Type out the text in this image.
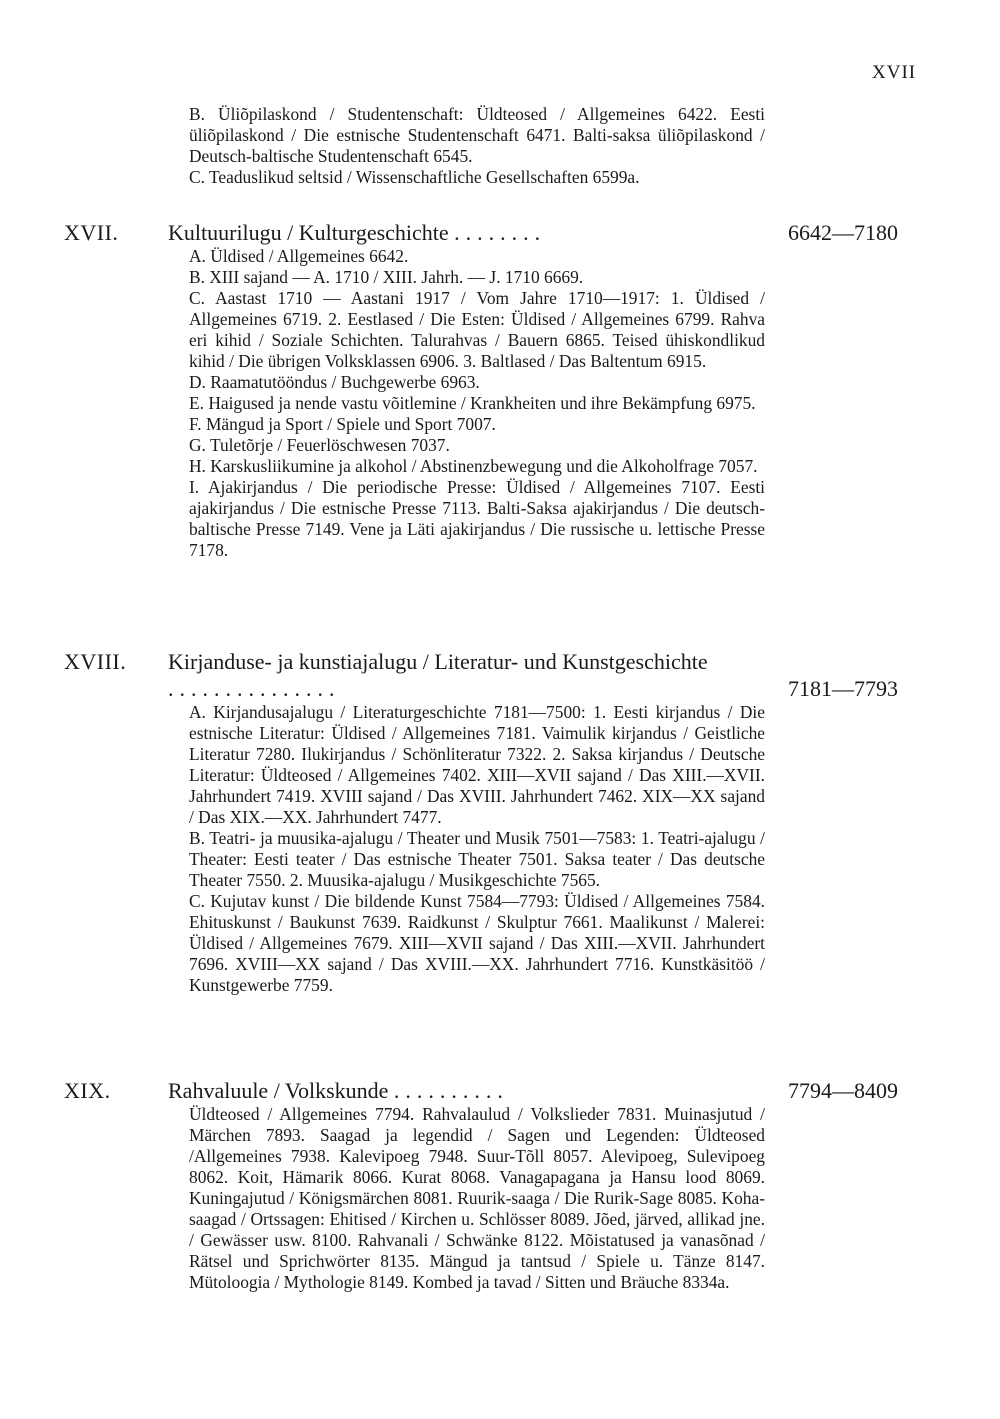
XVII

B. Üliõpilaskond / Studentenschaft: Üldteosed / Allgemeines 6422. Eesti üliõpilaskond / Die estnische Studentenschaft 6471. Balti-saksa üliõpilaskond / Deutsch-baltische Studentenschaft 6545.

C. Teaduslikud seltsid / Wissenschaftliche Gesellschaften 6599a.

XVII. Kultuurilugu / Kulturgeschichte ........	6642—7180

A. Üldised / Allgemeines 6642.

B. XIII sajand — A. 1710 / XIII. Jahrh. — J. 1710 6669.

C. Aastast 1710 — Aastani 1917 / Vom Jahre 1710—1917: 1. Üldised / Allgemeines 6719. 2. Eestlased / Die Esten: Üldised / Allgemeines 6799. Rahva eri kihid / Soziale Schichten. Talurahvas / Bauern 6865. Teised ühiskondlikud kihid / Die übrigen Volksklassen 6906. 3. Baltlased / Das Baltentum 6915.

D. Raamatutööndus / Buchgewerbe 6963.

E. Haigused ja nende vastu võitlemine / Krankheiten und ihre Bekämpfung 6975.

F. Mängud ja Sport / Spiele und Sport 7007.

G. Tuletõrje / Feuerlöschwesen 7037.

H. Karskusliikumine ja alkohol / Abstinenzbewegung und die Alkoholfrage 7057.

I. Ajakirjandus / Die periodische Presse: Üldised / Allgemeines 7107. Eesti ajakirjandus / Die estnische Presse 7113. Balti-Saksa ajakirjandus / Die deutsch-baltische Presse 7149. Vene ja Läti ajakirjandus / Die russische u. lettische Presse 7178.

XVIII. Kirjanduse- ja kunstiajalugu / Literatur- und Kunstgeschichte ...............	7181—7793

A. Kirjandusajalugu / Literaturgeschichte 7181—7500: 1. Eesti kirjandus / Die estnische Literatur: Üldised / Allgemeines 7181. Vaimulik kirjandus / Geistliche Literatur 7280. Ilukirjandus / Schönliteratur 7322. 2. Saksa kirjandus / Deutsche Literatur: Üldteosed / Allgemeines 7402. XIII—XVII sajand / Das XIII.—XVII. Jahrhundert 7419. XVIII sajand / Das XVIII. Jahrhundert 7462. XIX—XX sajand / Das XIX.—XX. Jahrhundert 7477.

B. Teatri- ja muusika-ajalugu / Theater und Musik 7501—7583: 1. Teatri-ajalugu / Theater: Eesti teater / Das estnische Theater 7501. Saksa teater / Das deutsche Theater 7550. 2. Muusika-ajalugu / Musikgeschichte 7565.

C. Kujutav kunst / Die bildende Kunst 7584—7793: Üldised / Allgemeines 7584. Ehituskunst / Baukunst 7639. Raidkunst / Skulptur 7661. Maalikunst / Malerei: Üldised / Allgemeines 7679. XIII—XVII sajand / Das XIII.—XVII. Jahrhundert 7696. XVIII—XX sajand / Das XVIII.—XX. Jahrhundert 7716. Kunstkäsitöö / Kunstgewerbe 7759.

XIX.	Rahvaluule / Volkskunde ..........	7794—8409

Üldteosed / Allgemeines 7794. Rahvalaulud / Volkslieder 7831. Muinasjutud / Märchen 7893. Saagad ja legendid / Sagen und Legenden: Üldteosed /Allgemeines 7938. Kalevipoeg 7948. Suur-Tõll 8057. Alevipoeg, Sulevipoeg 8062. Koit, Hämarik 8066. Kurat 8068. Vanagapagana ja Hansu lood 8069. Kuningajutud / Königsmärchen 8081. Ruurik-saaga / Die Rurik-Sage 8085. Koha-saagad / Ortssagen: Ehitised / Kirchen u. Schlösser 8089. Jõed, järved, allikad jne. / Gewässer usw. 8100. Rahvanali / Schwänke 8122. Mõistatused ja vanasõnad / Rätsel und Sprichwörter 8135. Mängud ja tantsud / Spiele u. Tänze 8147. Mütoloogia / Mythologie 8149. Kombed ja tavad / Sitten und Bräuche 8334a.
